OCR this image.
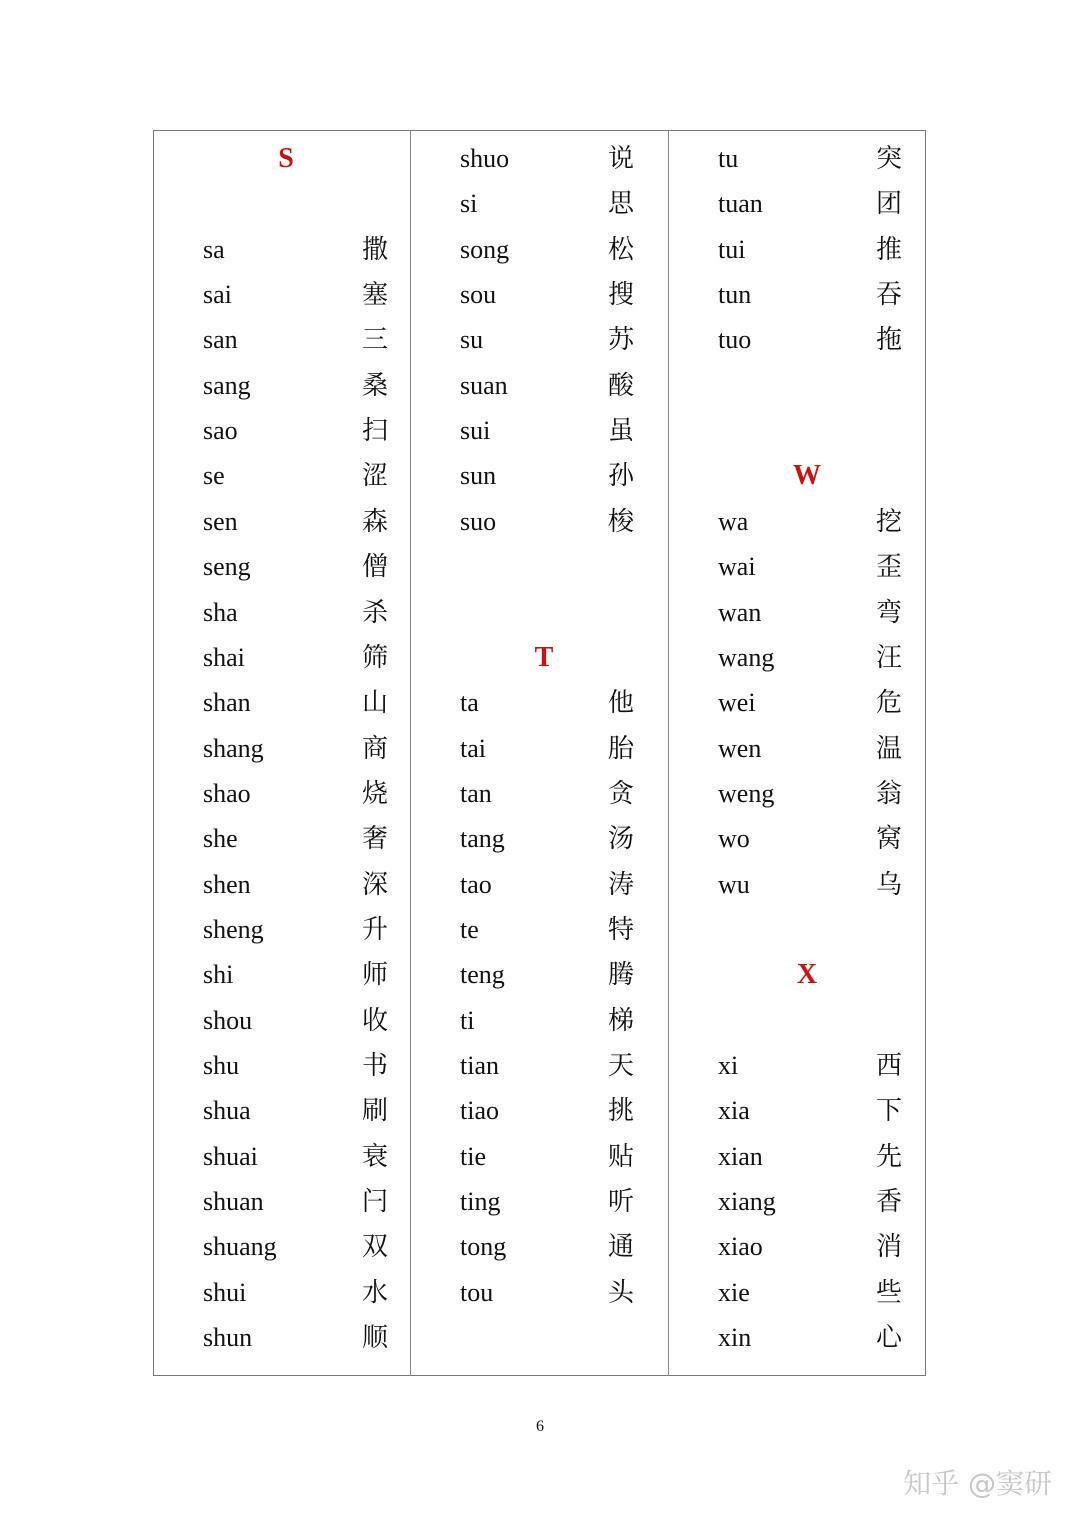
S
sa	撒
sai	塞
san	三
sang	桑
sao	扫
se	涩
sen	森
seng	僧
sha	杀
shai	筛
shan	山
shang	商
shao	烧
she	奢
shen	深
sheng	升
shi	师
shou	收
shu	书
shua	刷
shuai	衰
shuan	闩
shuang	双
shui	水
shun	顺
shuo	说
si	思
song	松
sou	搜
su	苏
suan	酸
sui	虽
sun	孙
suo	梭
T
ta	他
tai	胎
tan	贪
tang	汤
tao	涛
te	特
teng	腾
ti	梯
tian	天
tiao	挑
tie	贴
ting	听
tong	通
tou	头
tu	突
tuan	团
tui	推
tun	吞
tuo	拖
W
wa	挖
wai	歪
wan	弯
wang	汪
wei	危
wen	温
weng	翁
wo	窝
wu	乌
X
xi	西
xia	下
xian	先
xiang	香
xiao	消
xie	些
xin	心
6
知乎 @窦研
